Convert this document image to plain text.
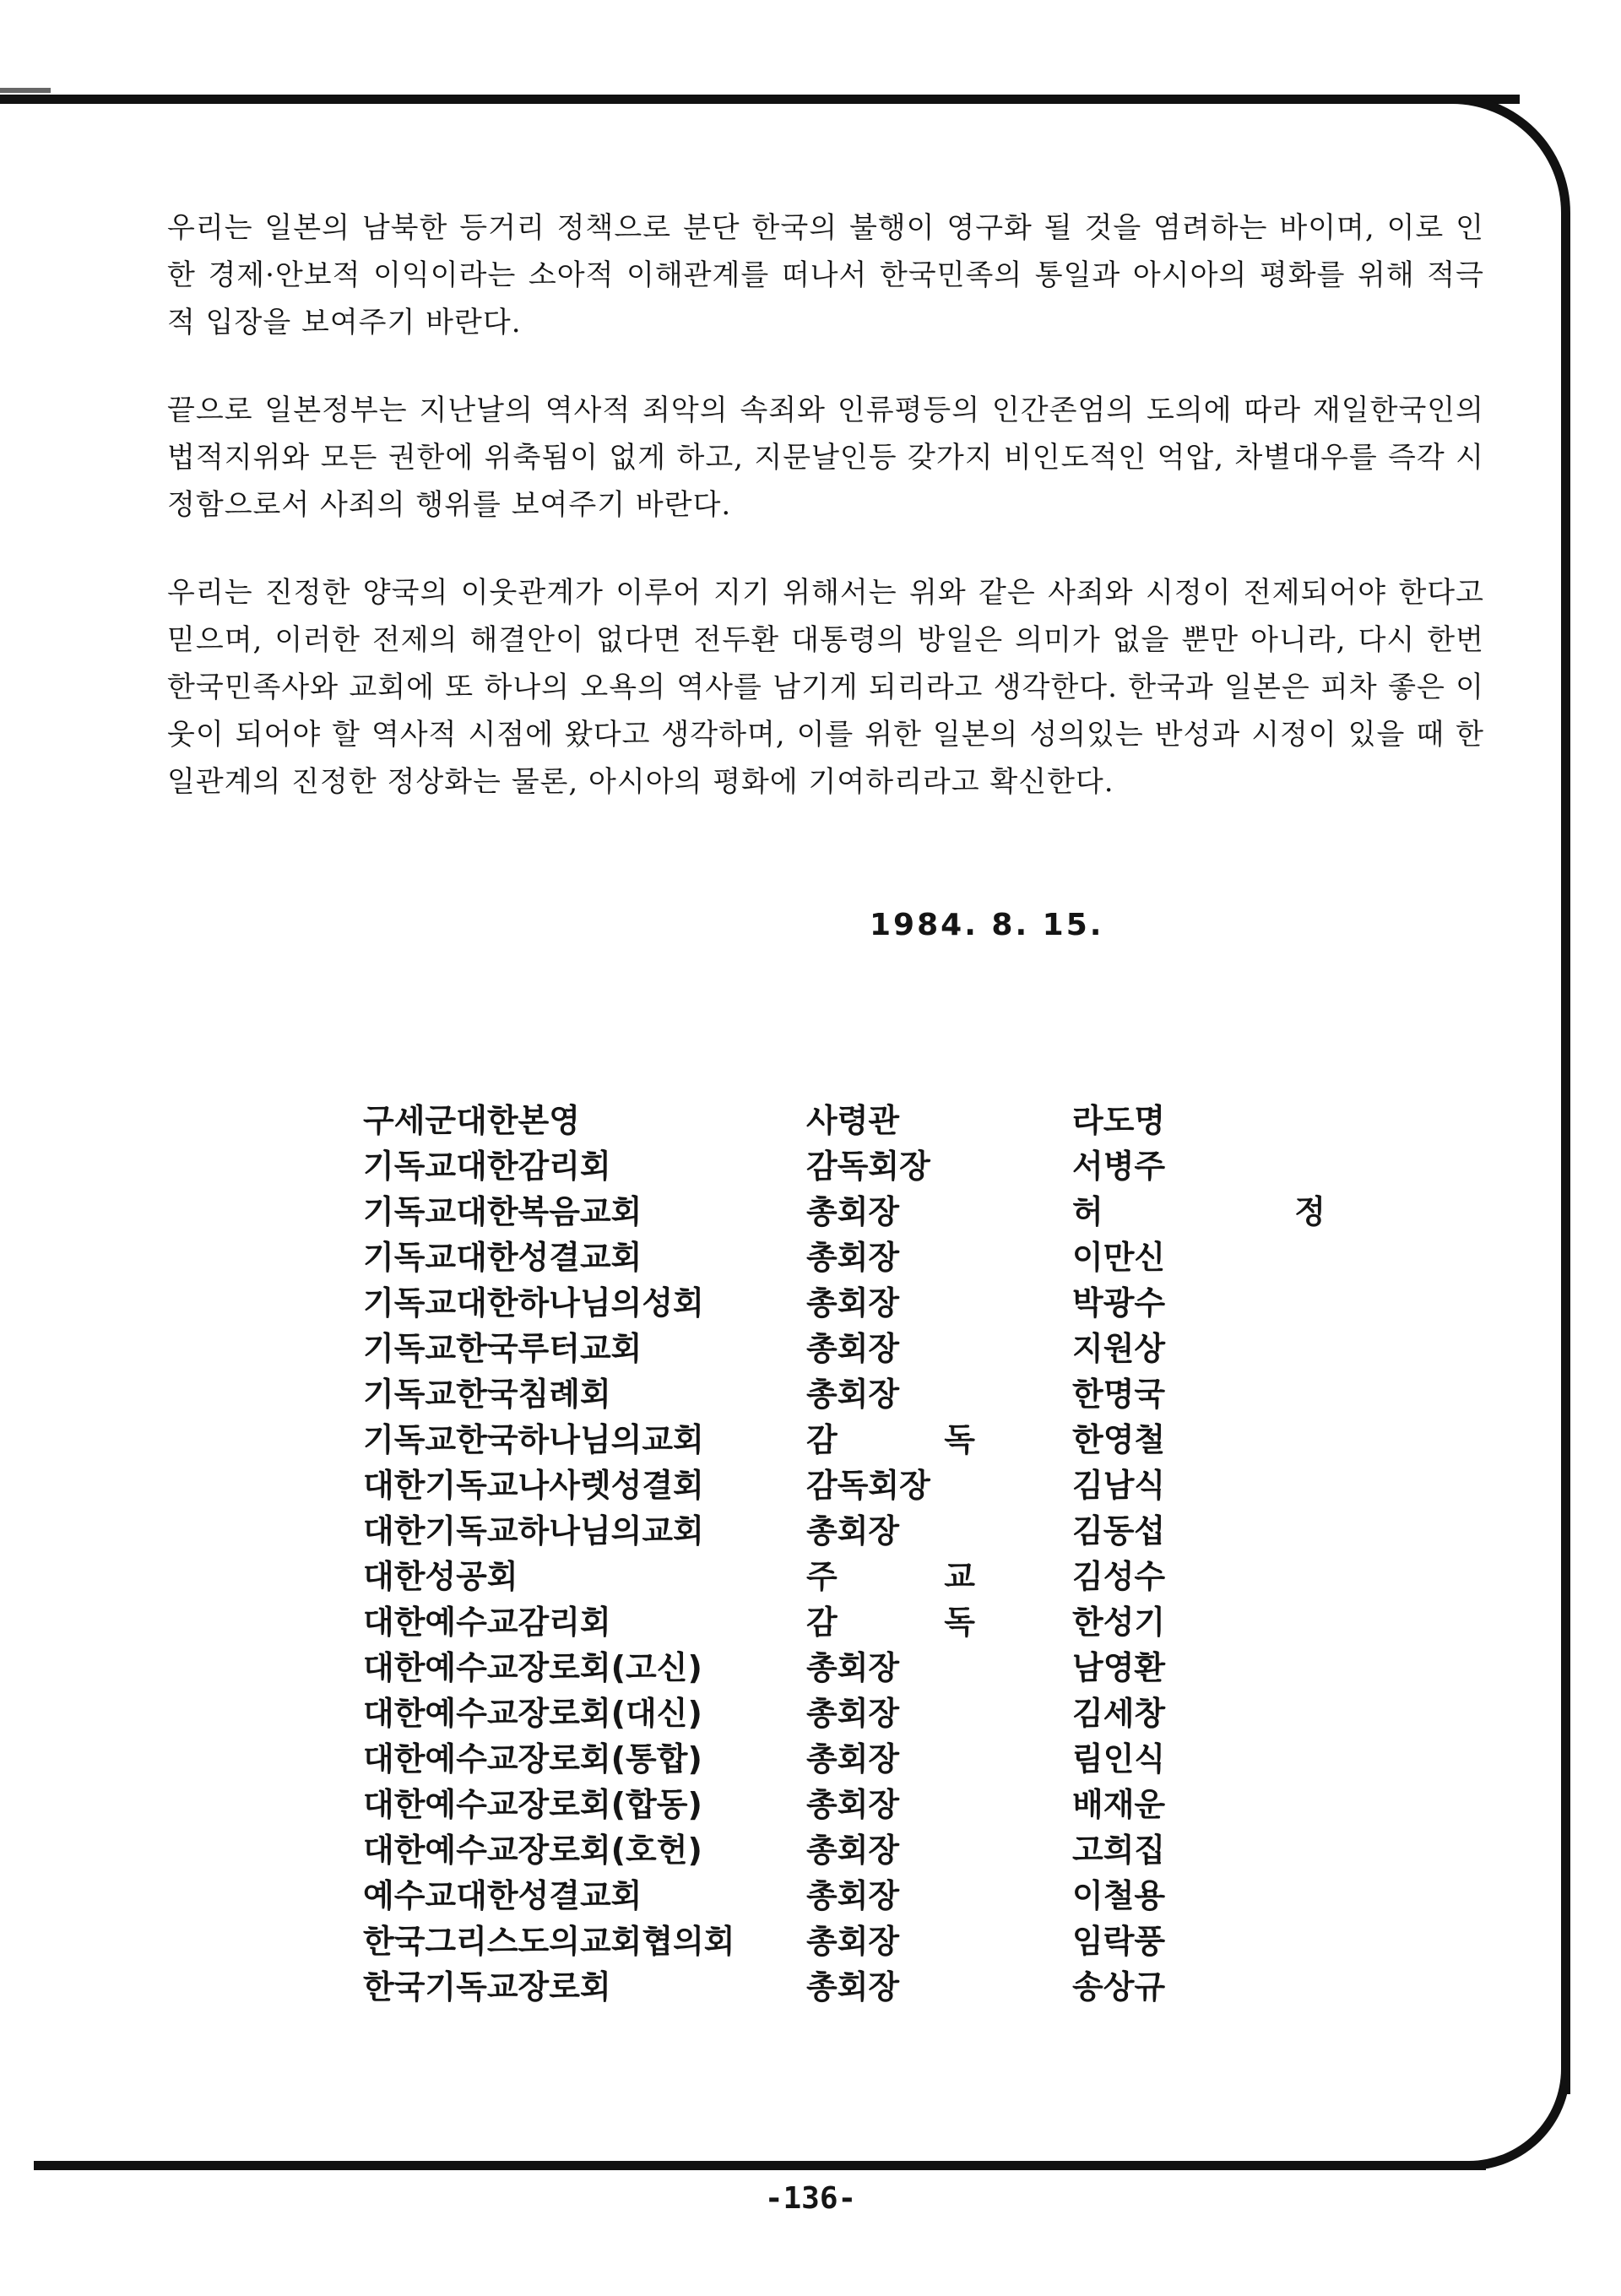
우리는 일본의 남북한 등거리 정책으로 분단 한국의 불행이 영구화 될 것을 염려하는 바이며, 이로 인한 경제·안보적 이익이라는 소아적 이해관계를 떠나서 한국민족의 통일과 아시아의 평화를 위해 적극적 입장을 보여주기 바란다.

끝으로 일본정부는 지난날의 역사적 죄악의 속죄와 인류평등의 인간존엄의 도의에 따라 재일한국인의 법적지위와 모든 권한에 위축됨이 없게 하고, 지문날인등 갖가지 비인도적인 억압, 차별대우를 즉각 시정함으로서 사죄의 행위를 보여주기 바란다.

우리는 진정한 양국의 이웃관계가 이루어 지기 위해서는 위와 같은 사죄와 시정이 전제되어야 한다고 믿으며, 이러한 전제의 해결안이 없다면 전두환 대통령의 방일은 의미가 없을 뿐만 아니라, 다시 한번 한국민족사와 교회에 또 하나의 오욕의 역사를 남기게 되리라고 생각한다. 한국과 일본은 피차 좋은 이웃이 되어야 할 역사적 시점에 왔다고 생각하며, 이를 위한 일본의 성의있는 반성과 시정이 있을 때 한일관계의 진정한 정상화는 물론, 아시아의 평화에 기여하리라고 확신한다.

1984. 8. 15.
구세군대한본영	사령관	라도명
기독교대한감리회	감독회장	서병주
기독교대한복음교회	총회장	허 정
기독교대한성결교회	총회장	이만신
기독교대한하나님의성회	총회장	박광수
기독교한국루터교회	총회장	지원상
기독교한국침례회	총회장	한명국
기독교한국하나님의교회	감 독	한영철
대한기독교나사렛성결회	감독회장	김남식
대한기독교하나님의교회	총회장	김동섭
대한성공회	주 교	김성수
대한예수교감리회	감 독	한성기
대한예수교장로회(고신)	총회장	남영환
대한예수교장로회(대신)	총회장	김세창
대한예수교장로회(통합)	총회장	림인식
대한예수교장로회(합동)	총회장	배재운
대한예수교장로회(호헌)	총회장	고희집
예수교대한성결교회	총회장	이철용
한국그리스도의교회협의회 총회장	임락풍
한국기독교장로회	총회장	송상규
-136-
